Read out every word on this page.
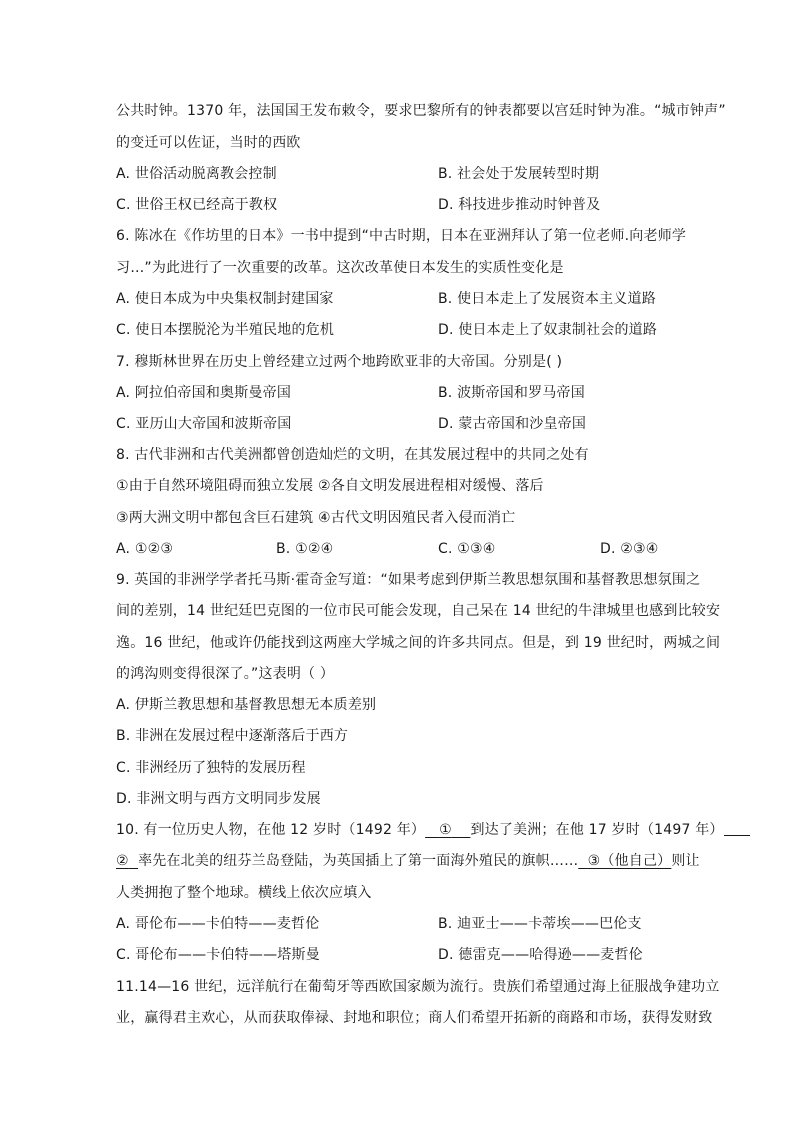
公共时钟。1370 年，法国国王发布敕令，要求巴黎所有的钟表都要以宫廷时钟为准。“城市钟声”
的变迁可以佐证，当时的西欧
A. 世俗活动脱离教会控制	B. 社会处于发展转型时期
C. 世俗王权已经高于教权	D. 科技进步推动时钟普及
6. 陈冰在《作坊里的日本》一书中提到“中古时期，日本在亚洲拜认了第一位老师.向老师学
习…”为此进行了一次重要的改革。这次改革使日本发生的实质性变化是
A. 使日本成为中央集权制封建国家	B. 使日本走上了发展资本主义道路
C. 使日本摆脱沦为半殖民地的危机	D. 使日本走上了奴隶制社会的道路
7. 穆斯林世界在历史上曾经建立过两个地跨欧亚非的大帝国。分别是( )
A. 阿拉伯帝国和奥斯曼帝国	B. 波斯帝国和罗马帝国
C. 亚历山大帝国和波斯帝国	D. 蒙古帝国和沙皇帝国
8. 古代非洲和古代美洲都曾创造灿烂的文明，在其发展过程中的共同之处有
①由于自然环境阻碍而独立发展 ②各自文明发展进程相对缓慢、落后
③两大洲文明中都包含巨石建筑 ④古代文明因殖民者入侵而消亡
A. ①②③	B. ①②④	C. ①③④	D. ②③④
9. 英国的非洲学学者托马斯·霍奇金写道：“如果考虑到伊斯兰教思想氛围和基督教思想氛围之
间的差别，14 世纪廷巴克图的一位市民可能会发现，自己呆在 14 世纪的牛津城里也感到比较安
逸。16 世纪，他或许仍能找到这两座大学城之间的许多共同点。但是，到 19 世纪时，两城之间
的鸿沟则变得很深了。”这表明（ ）
A. 伊斯兰教思想和基督教思想无本质差别
B. 非洲在发展过程中逐渐落后于西方
C. 非洲经历了独特的发展历程
D. 非洲文明与西方文明同步发展
10. 有一位历史人物，在他 12 岁时（1492 年） ① 到达了美洲；在他 17 岁时（1497 年）
② 率先在北美的纽芬兰岛登陆，为英国插上了第一面海外殖民的旗帜…… ③（他自己）则让
人类拥抱了整个地球。横线上依次应填入
A. 哥伦布——卡伯特——麦哲伦	B. 迪亚士——卡蒂埃——巴伦支
C. 哥伦布——卡伯特——塔斯曼	D. 德雷克——哈得逊——麦哲伦
11.14—16 世纪，远洋航行在葡萄牙等西欧国家颇为流行。贵族们希望通过海上征服战争建功立
业，赢得君主欢心，从而获取俸禄、封地和职位；商人们希望开拓新的商路和市场，获得发财致
